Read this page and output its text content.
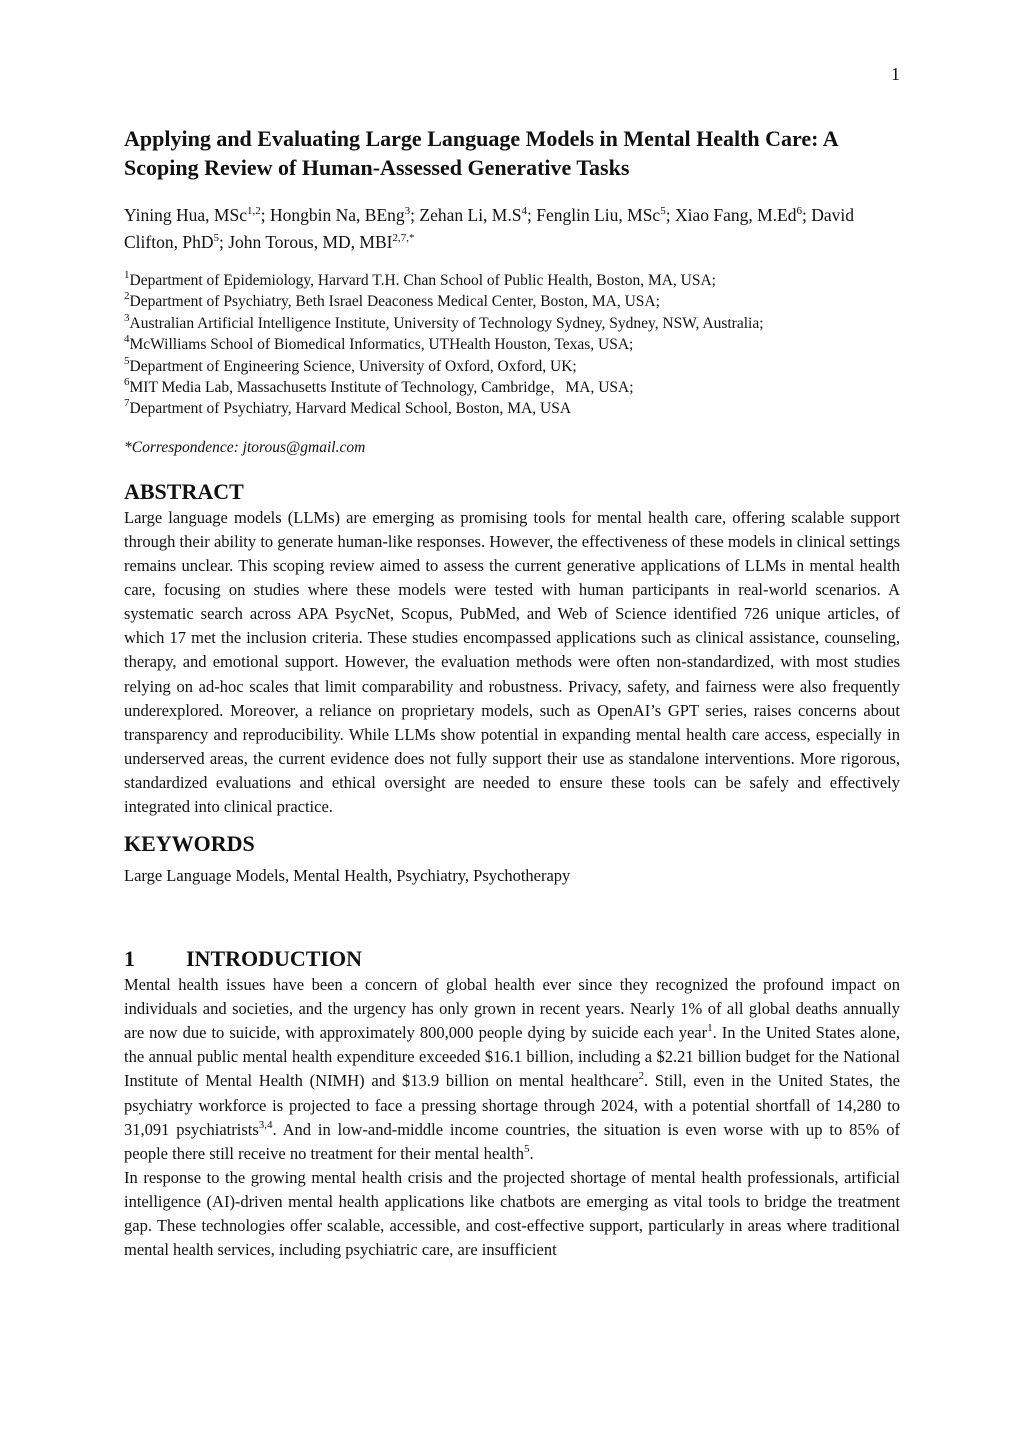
1
Applying and Evaluating Large Language Models in Mental Health Care: A Scoping Review of Human-Assessed Generative Tasks

Yining Hua, MSc$^{1,2}$; Hongbin Na, BEng$^3$; Zehan Li, $M.S^4$; Fenglin Liu, MSc$^5$; Xiao Fang, M.Ed$^6$; David Clifton, PhD$^5$; John Torous, MD, $MBI^{2,7,*}$

$^1$Department of Epidemiology, Harvard T.H. Chan School of Public Health, Boston, MA, USA;
$^2$Department of Psychiatry, Beth Israel Deaconess Medical Center, Boston, MA, USA;
$^3$Australian Artificial Intelligence Institute, University of Technology Sydney, Sydney, NSW, Australia;
$^4$McWilliams School of Biomedical Informatics, UTHealth Houston, Texas, USA;
$^5$Department of Engineering Science, University of Oxford, Oxford, UK;
$^6$MIT Media Lab, Massachusetts Institute of Technology, Cambridge，MA, USA;
$^7$Department of Psychiatry, Harvard Medical School, Boston, MA, USA

*Correspondence: jtorous@gmail.com

ABSTRACT

Large language models (LLMs) are emerging as promising tools for mental health care, offering scalable support through their ability to generate human-like responses. However, the effectiveness of these models in clinical settings remains unclear. This scoping review aimed to assess the current generative applications of LLMs in mental health care, focusing on studies where these models were tested with human participants in real-world scenarios. A systematic search across APA PsycNet, Scopus, PubMed, and Web of Science identified 726 unique articles, of which 17 met the inclusion criteria. These studies encompassed applications such as clinical assistance, counseling, therapy, and emotional support. However, the evaluation methods were often non-standardized, with most studies relying on ad-hoc scales that limit comparability and robustness. Privacy, safety, and fairness were also frequently underexplored. Moreover, a reliance on proprietary models, such as OpenAI’s GPT series, raises concerns about transparency and reproducibility. While LLMs show potential in expanding mental health care access, especially in underserved areas, the current evidence does not fully support their use as standalone interventions. More rigorous, standardized evaluations and ethical oversight are needed to ensure these tools can be safely and effectively integrated into clinical practice.

KEYWORDS

Large Language Models, Mental Health, Psychiatry, Psychotherapy

1	INTRODUCTION

Mental health issues have been a concern of global health ever since they recognized the profound impact on individuals and societies, and the urgency has only grown in recent years. Nearly 1% of all global deaths annually are now due to suicide, with approximately 800,000 people dying by suicide each year$^1$. In the United States alone, the annual public mental health expenditure exceeded $16.1 billion, including a $2.21 billion budget for the National Institute of Mental Health (NIMH) and $13.9 billion on mental healthcare$^2$. Still, even in the United States, the psychiatry workforce is projected to face a pressing shortage through 2024, with a potential shortfall of 14,280 to 31,091 psychiatrists$^{3,4}$. And in low-and-middle income countries, the situation is even worse with up to 85% of people there still receive no treatment for their mental health$^5$.

In response to the growing mental health crisis and the projected shortage of mental health professionals, artificial intelligence (AI)-driven mental health applications like chatbots are emerging as vital tools to bridge the treatment gap. These technologies offer scalable, accessible, and cost-effective support, particularly in areas where traditional mental health services, including psychiatric care, are insufficient
